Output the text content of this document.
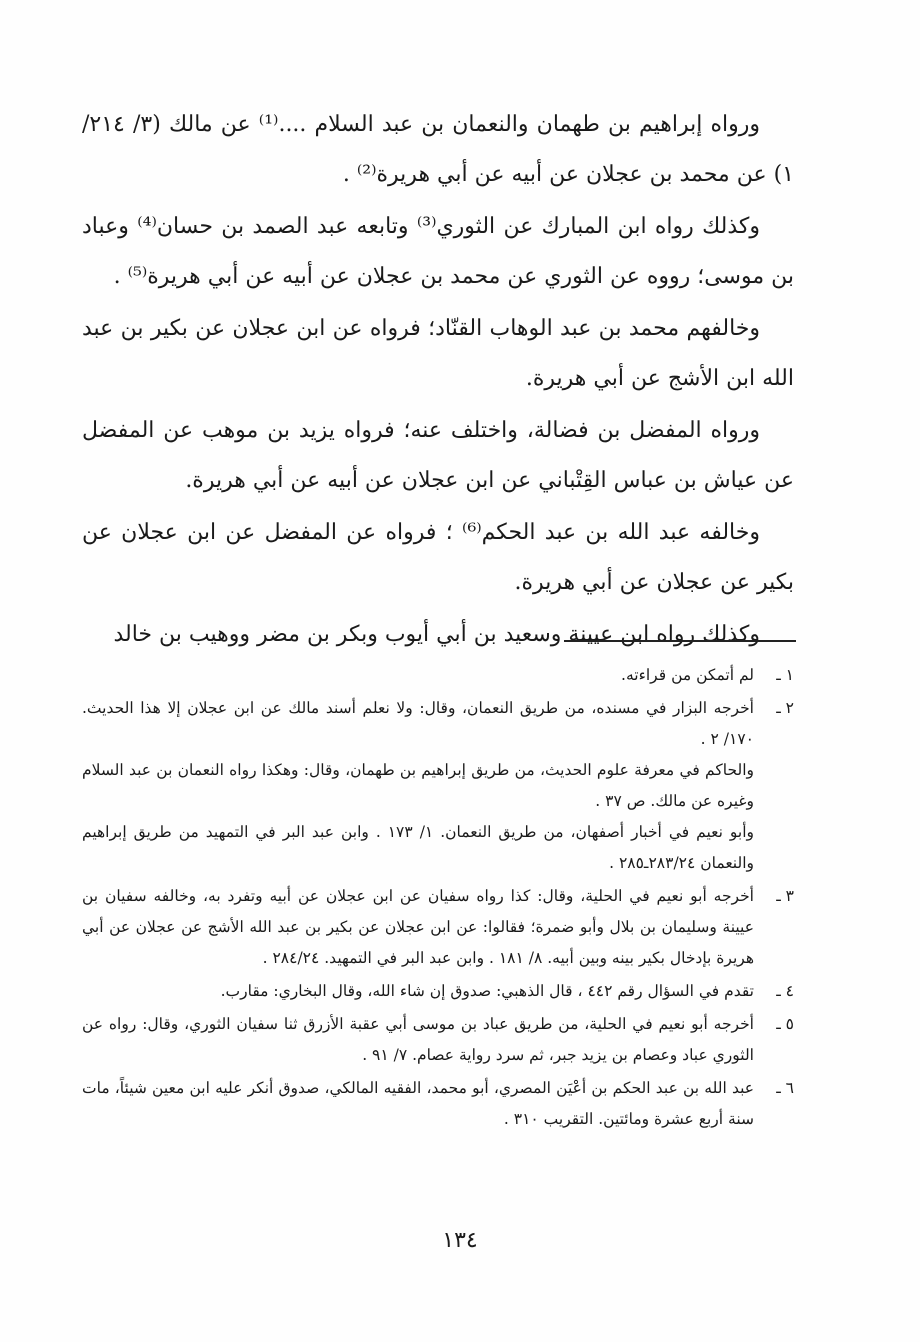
ورواه إبراهيم بن طهمان والنعمان بن عبد السلام ....⁽¹⁾ عن مالك (٣/ ٢١٤/ ١) عن محمد بن عجلان عن أبيه عن أبي هريرة⁽²⁾ .

وكذلك رواه ابن المبارك عن الثوري⁽³⁾ وتابعه عبد الصمد بن حسان⁽⁴⁾ وعباد بن موسى؛ رووه عن الثوري عن محمد بن عجلان عن أبيه عن أبي هريرة⁽⁵⁾ .

وخالفهم محمد بن عبد الوهاب القنّاد؛ فرواه عن ابن عجلان عن بكير بن عبد الله ابن الأشج عن أبي هريرة.

ورواه المفضل بن فضالة، واختلف عنه؛ فرواه يزيد بن موهب عن المفضل عن عياش بن عباس القِتْباني عن ابن عجلان عن أبيه عن أبي هريرة.

وخالفه عبد الله بن عبد الحكم⁽⁶⁾ ؛ فرواه عن المفضل عن ابن عجلان عن بكير عن عجلان عن أبي هريرة.

وكذلك رواه ابن عيينة وسعيد بن أبي أيوب وبكر بن مضر ووهيب بن خالد

١ ـ

لم أتمكن من قراءته.

٢ ـ

أخرجه البزار في مسنده، من طريق النعمان، وقال: ولا نعلم أسند مالك عن ابن عجلان إلا هذا الحديث. ١٧٠/ ٢ .

والحاكم في معرفة علوم الحديث، من طريق إبراهيم بن طهمان، وقال: وهكذا رواه النعمان بن عبد السلام وغيره عن مالك. ص ٣٧ .

وأبو نعيم في أخبار أصفهان، من طريق النعمان. ١/ ١٧٣ . وابن عبد البر في التمهيد من طريق إبراهيم والنعمان ٢٨٣/٢٤ـ٢٨٥ .

٣ ـ

أخرجه أبو نعيم في الحلية، وقال: كذا رواه سفيان عن ابن عجلان عن أبيه وتفرد به، وخالفه سفيان بن عيينة وسليمان بن بلال وأبو ضمرة؛ فقالوا: عن ابن عجلان عن بكير بن عبد الله الأشج عن عجلان عن أبي هريرة بإدخال بكير بينه وبين أبيه. ٨/ ١٨١ . وابن عبد البر في التمهيد. ٢٨٤/٢٤ .

٤ ـ

تقدم في السؤال رقم ٤٤٢ ، قال الذهبي: صدوق إن شاء الله، وقال البخاري: مقارب.

٥ ـ

أخرجه أبو نعيم في الحلية، من طريق عباد بن موسى أبي عقبة الأزرق ثنا سفيان الثوري، وقال: رواه عن الثوري عباد وعصام بن يزيد جبر، ثم سرد رواية عصام. ٧/ ٩١ .

٦ ـ

عبد الله بن عبد الحكم بن أعْيَن المصري، أبو محمد، الفقيه المالكي، صدوق أنكر عليه ابن معين شيئاً، مات سنة أربع عشرة ومائتين. التقريب ٣١٠ .

١٣٤
